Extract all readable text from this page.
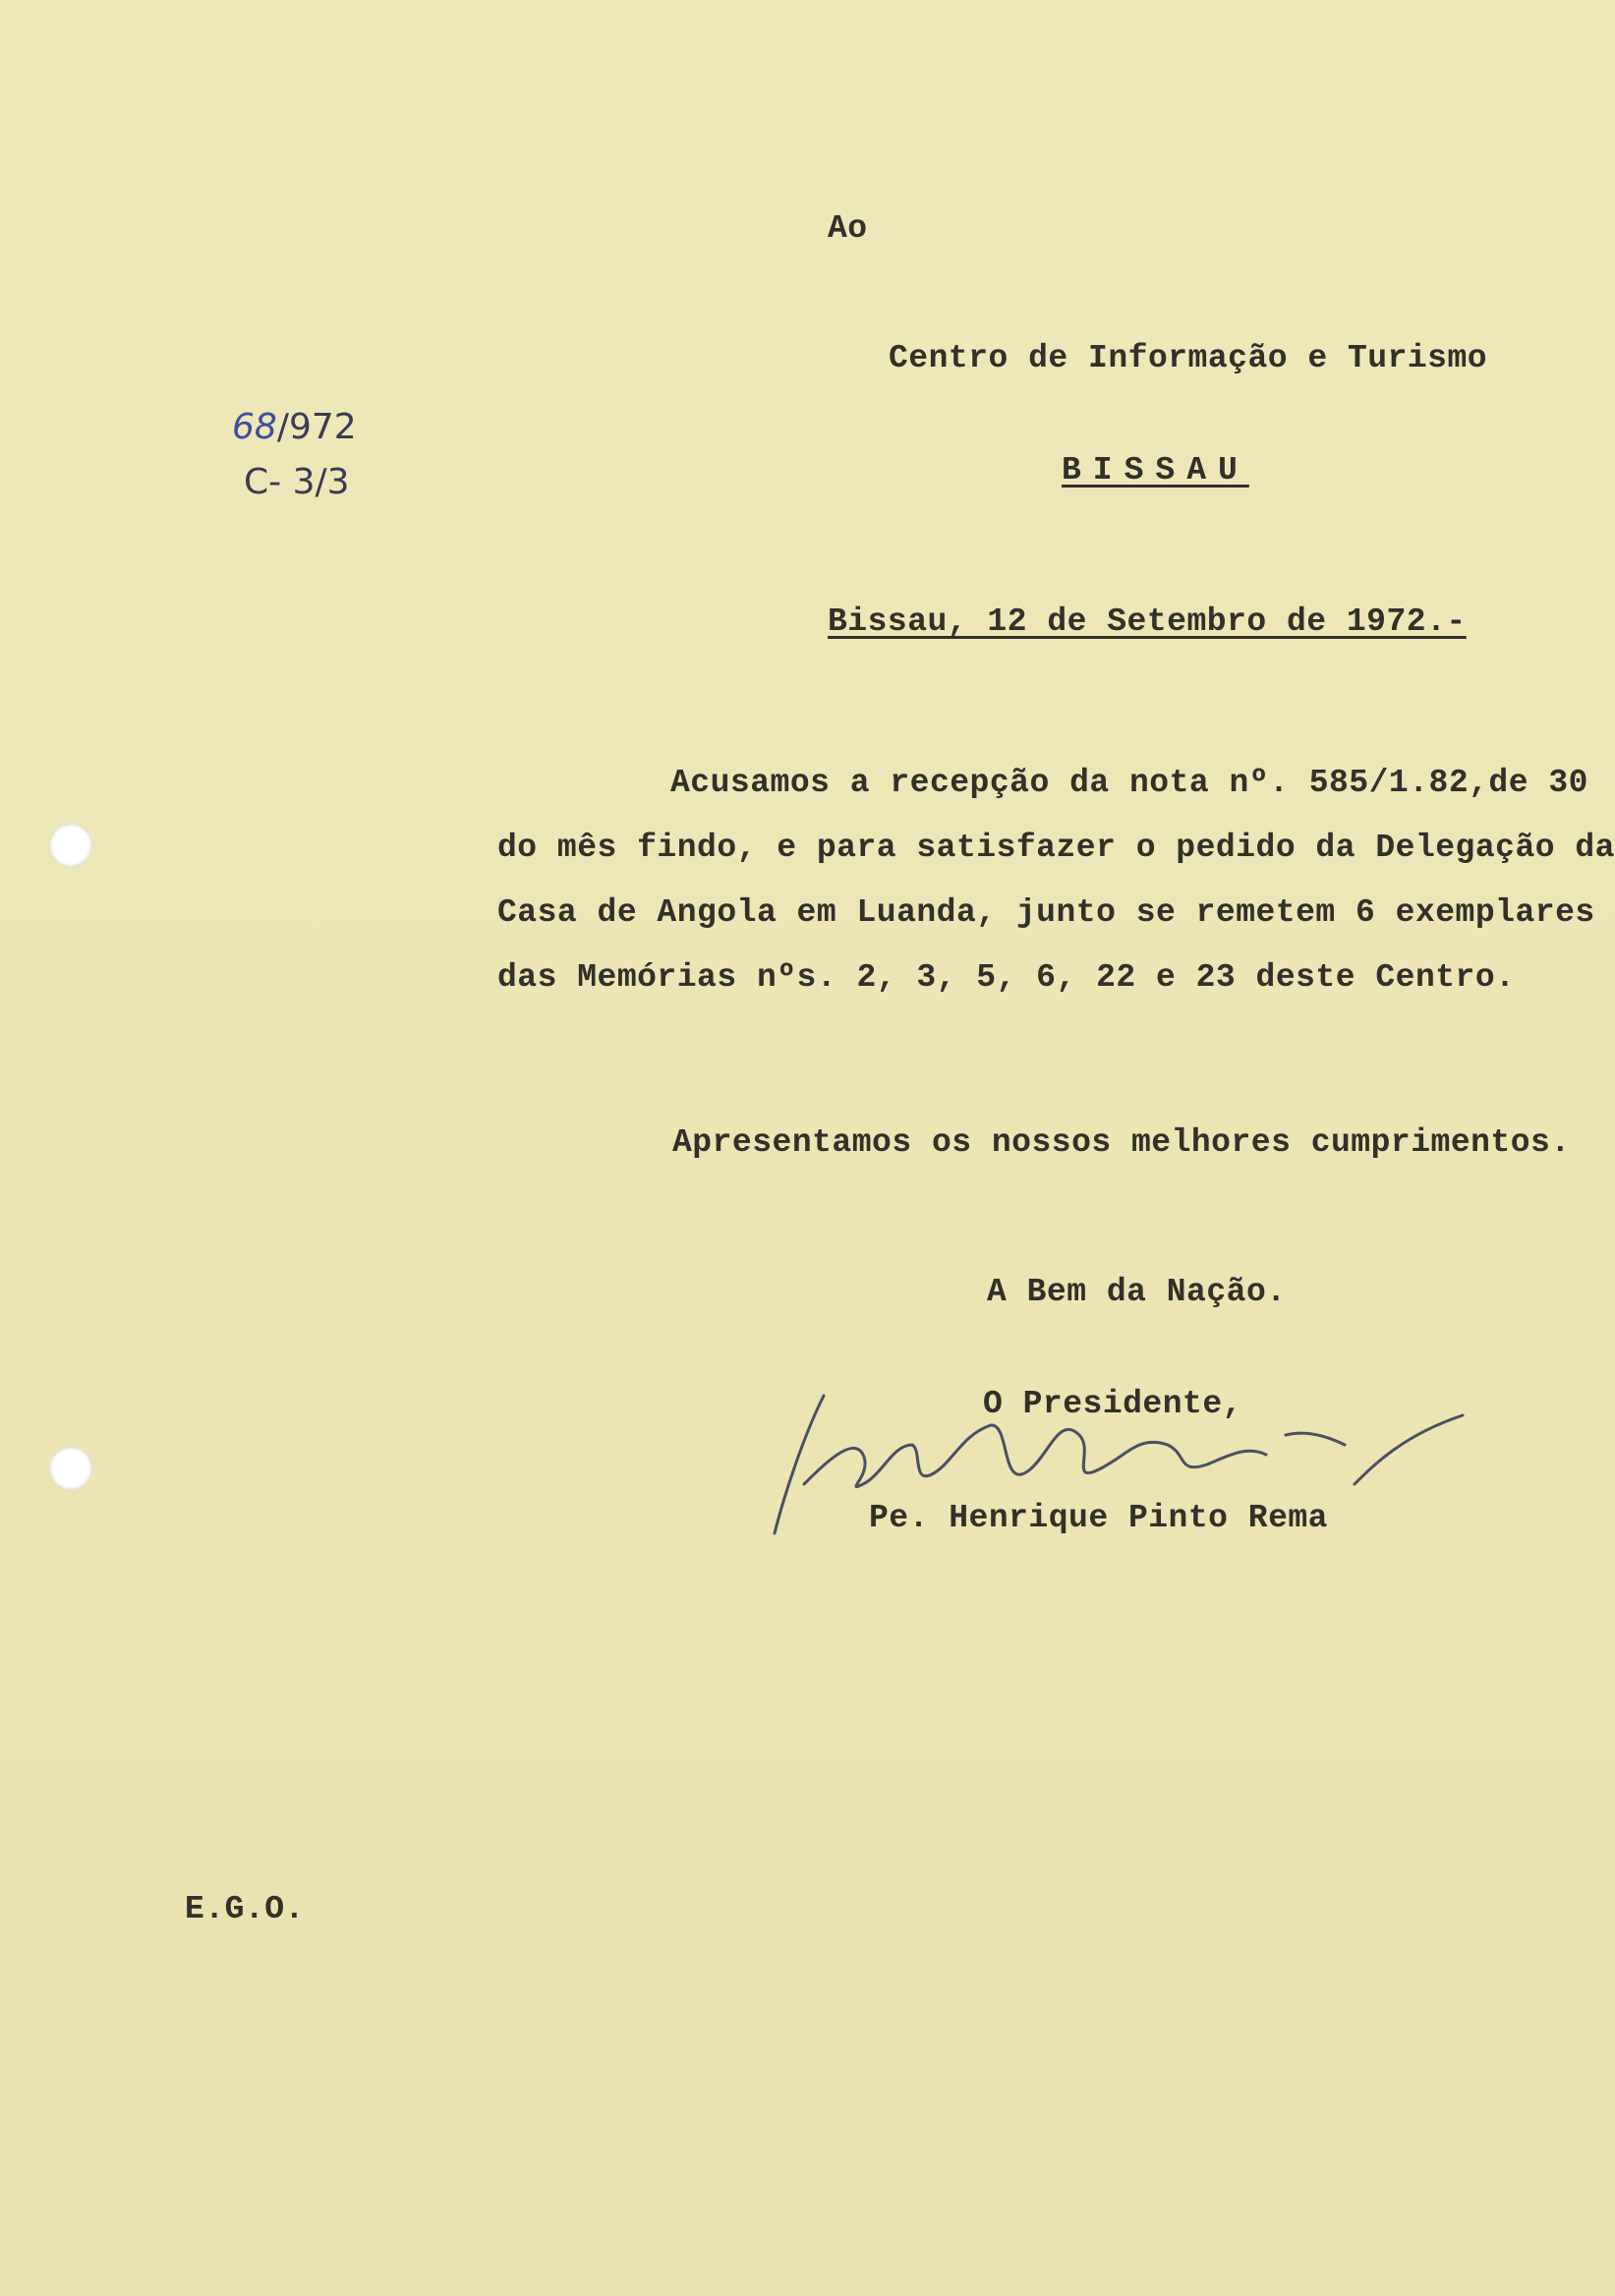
Ao
Centro de Informação e Turismo
68/972
C- 3/3	BISSAU
Bissau, 12 de Setembro de 1972.-
Acusamos a recepção da nota nº. 585/1.82,de 30
do mês findo, e para satisfazer o pedido da Delegação da
Casa de Angola em Luanda, junto se remetem 6 exemplares
das Memórias nºs. 2, 3, 5, 6, 22 e 23 deste Centro.
Apresentamos os nossos melhores cumprimentos.
A Bem da Nação.
O Presidente,
Pe. Henrique Pinto Rema
E.G.O.
